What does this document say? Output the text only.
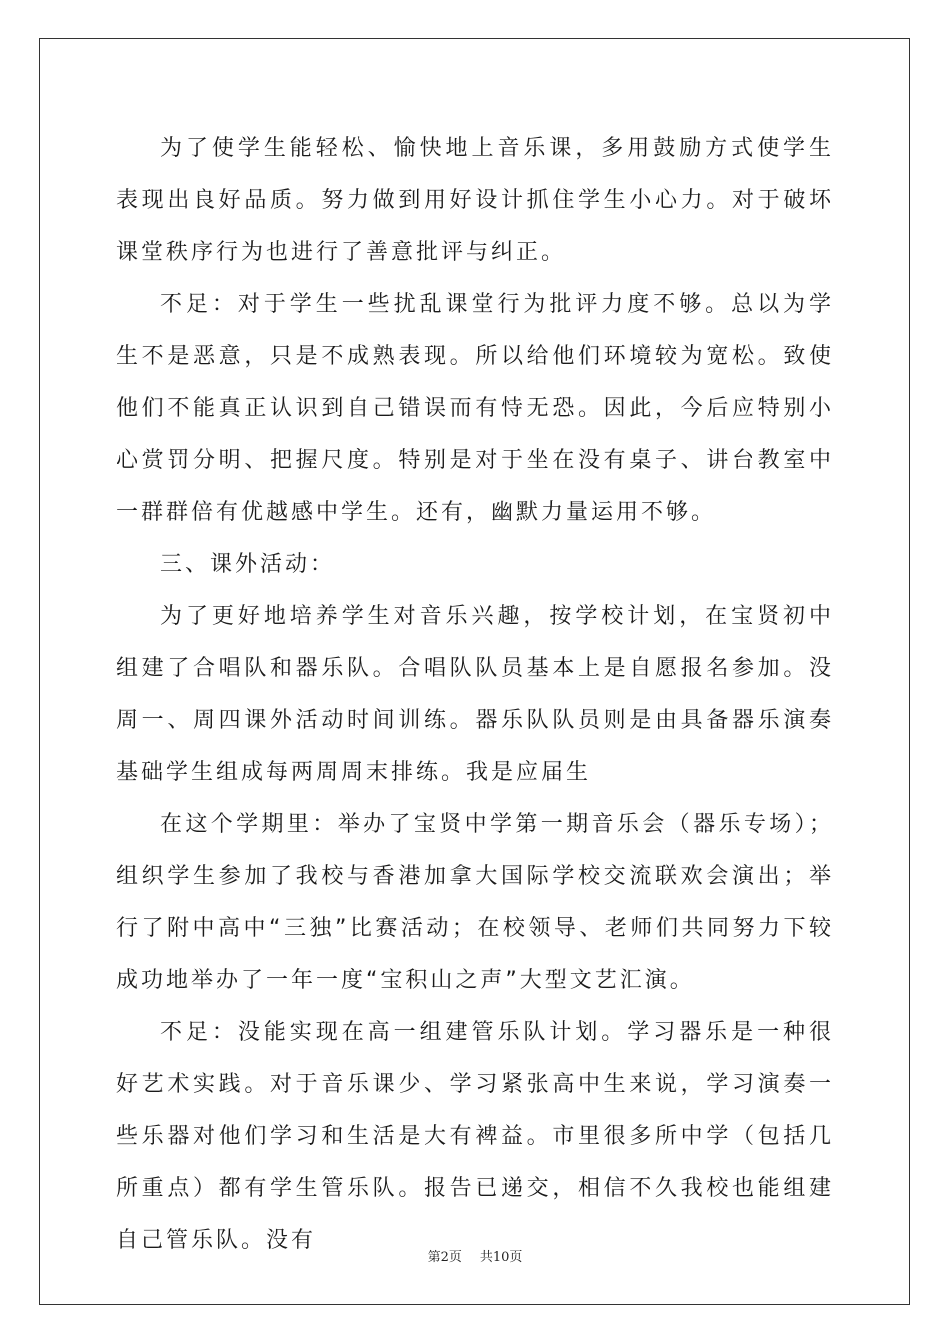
为了使学生能轻松、愉快地上音乐课，多用鼓励方式使学生表现出良好品质。努力做到用好设计抓住学生小心力。对于破坏课堂秩序行为也进行了善意批评与纠正。

不足：对于学生一些扰乱课堂行为批评力度不够。总以为学生不是恶意，只是不成熟表现。所以给他们环境较为宽松。致使他们不能真正认识到自己错误而有恃无恐。因此，今后应特别小心赏罚分明、把握尺度。特别是对于坐在没有桌子、讲台教室中一群群倍有优越感中学生。还有，幽默力量运用不够。

三、课外活动：

为了更好地培养学生对音乐兴趣，按学校计划，在宝贤初中组建了合唱队和器乐队。合唱队队员基本上是自愿报名参加。没周一、周四课外活动时间训练。器乐队队员则是由具备器乐演奏基础学生组成每两周周末排练。我是应届生

在这个学期里：举办了宝贤中学第一期音乐会（器乐专场）；组织学生参加了我校与香港加拿大国际学校交流联欢会演出；举行了附中高中“三独”比赛活动；在校领导、老师们共同努力下较成功地举办了一年一度“宝积山之声”大型文艺汇演。

不足：没能实现在高一组建管乐队计划。学习器乐是一种很好艺术实践。对于音乐课少、学习紧张高中生来说，学习演奏一些乐器对他们学习和生活是大有裨益。市里很多所中学（包括几所重点）都有学生管乐队。报告已递交，相信不久我校也能组建自己管乐队。没有

第2页 共10页
